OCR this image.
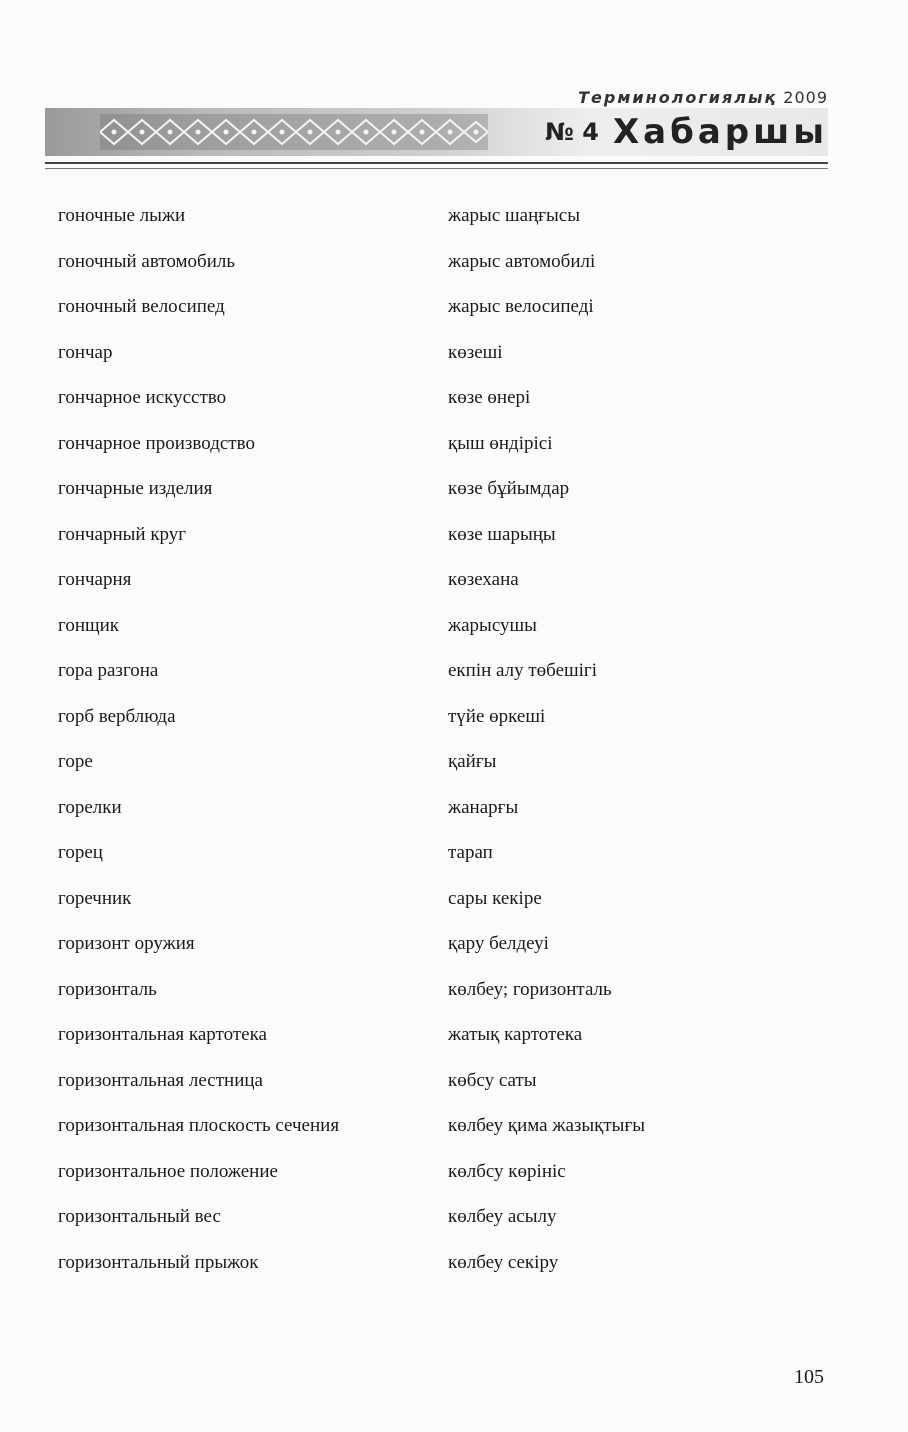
Терминологиялық 2009
№ 4 Хабаршы
гоночные лыжи	жарыс шаңғысы
гоночный автомобиль	жарыс автомобилі
гоночный велосипед	жарыс велосипеді
гончар	көзеші
гончарное искусство	көзе өнері
гончарное производство	қыш өндірісі
гончарные изделия	көзе бұйымдар
гончарный круг	көзе шарыңы
гончарня	көзехана
гонщик	жарысушы
гора разгона	екпін алу төбешігі
горб верблюда	түйе өркеші
горе	қайғы
горелки	жанарғы
горец	тарап
горечник	сары кекіре
горизонт оружия	қару белдеуі
горизонталь	көлбеу; горизонталь
горизонтальная картотека	жатық картотека
горизонтальная лестница	көбсу саты
горизонтальная плоскость сечения	көлбеу қима жазықтығы
горизонтальное положение	көлбсу көрініс
горизонтальный вес	көлбеу асылу
горизонтальный прыжок	көлбеу секіру
105
